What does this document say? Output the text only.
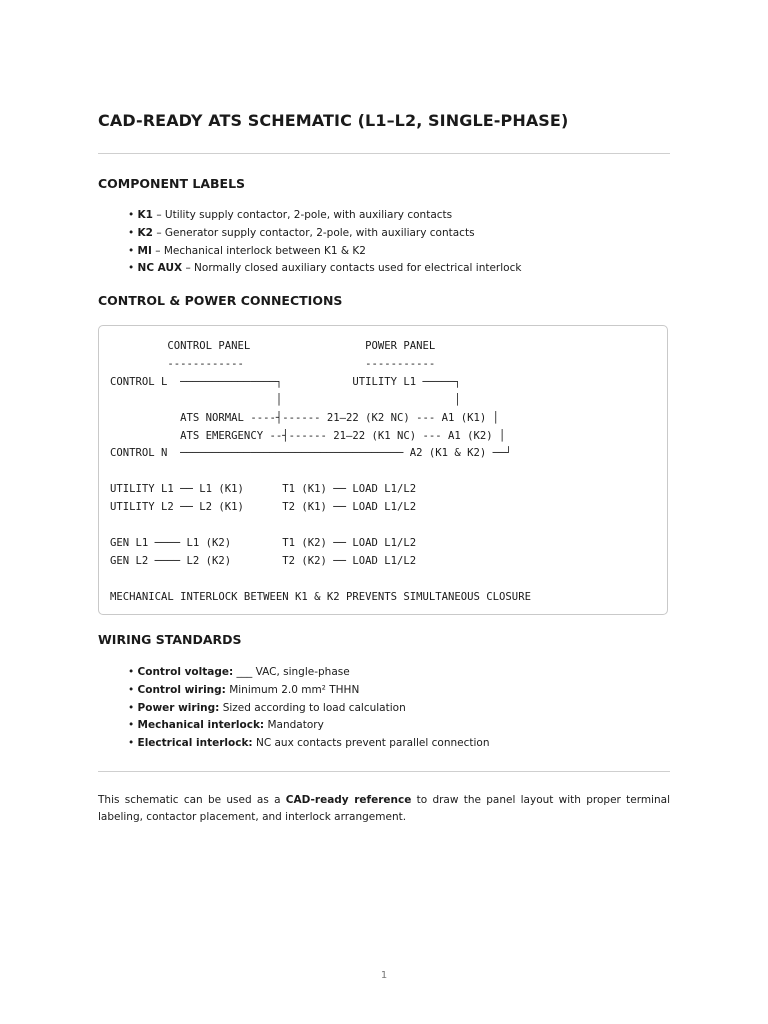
CAD-READY ATS SCHEMATIC (L1–L2, SINGLE-PHASE)
COMPONENT LABELS
• K1 – Utility supply contactor, 2-pole, with auxiliary contacts
• K2 – Generator supply contactor, 2-pole, with auxiliary contacts
• MI – Mechanical interlock between K1 & K2
• NC AUX – Normally closed auxiliary contacts used for electrical interlock
CONTROL & POWER CONNECTIONS
CONTROL PANEL                  POWER PANEL
------------                   -----------
CONTROL L  ───────────────┐           UTILITY L1 ─────┐
│                           │
ATS NORMAL ----┤------ 21–22 (K2 NC) --- A1 (K1) │
ATS EMERGENCY --┤------ 21–22 (K1 NC) --- A1 (K2) │
CONTROL N  ─────────────────────────────────── A2 (K1 & K2) ──┘

UTILITY L1 ── L1 (K1)      T1 (K1) ── LOAD L1/L2
UTILITY L2 ── L2 (K1)      T2 (K1) ── LOAD L1/L2

GEN L1 ──── L1 (K2)        T1 (K2) ── LOAD L1/L2
GEN L2 ──── L2 (K2)        T2 (K2) ── LOAD L1/L2

MECHANICAL INTERLOCK BETWEEN K1 & K2 PREVENTS SIMULTANEOUS CLOSURE

WIRING STANDARDS
• Control voltage: ___ VAC, single-phase
• Control wiring: Minimum 2.0 mm² THHN
• Power wiring: Sized according to load calculation
• Mechanical interlock: Mandatory
• Electrical interlock: NC aux contacts prevent parallel connection

This schematic can be used as a CAD-ready reference to draw the panel layout with proper terminal labeling, contactor placement, and interlock arrangement.

1
